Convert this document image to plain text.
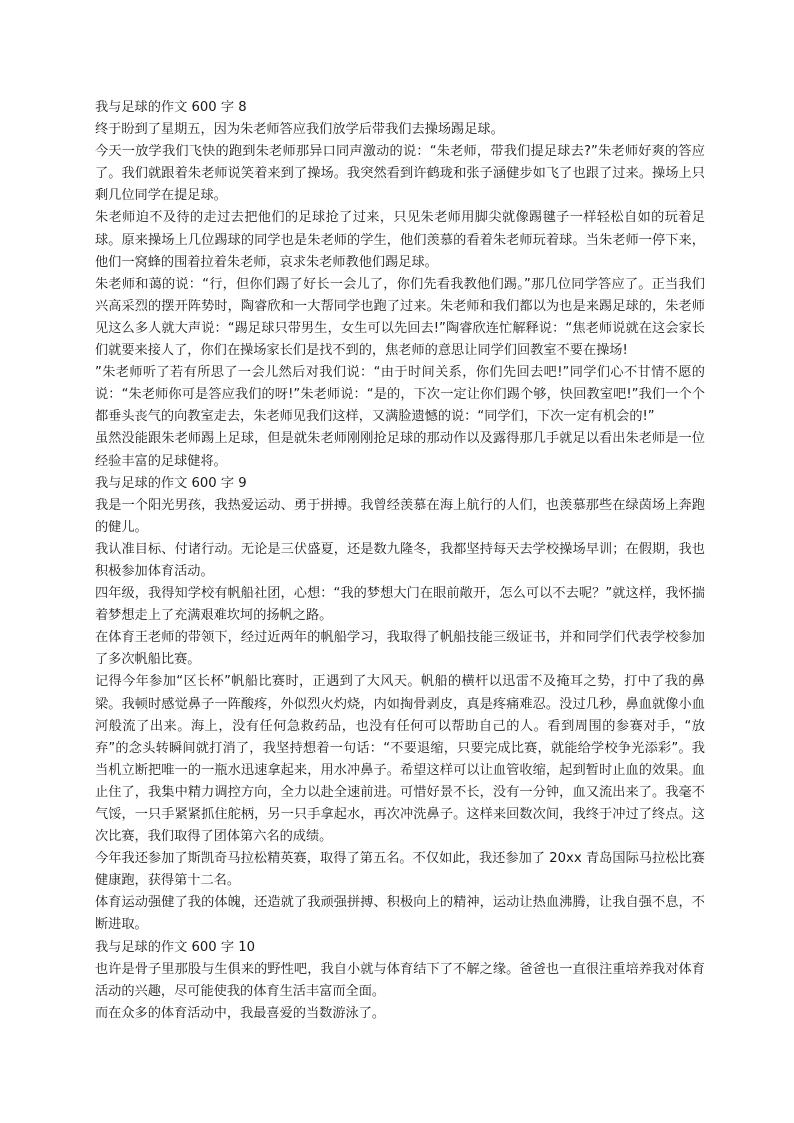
我与足球的作文 600 字 8

终于盼到了星期五，因为朱老师答应我们放学后带我们去操场踢足球。

今天一放学我们飞快的跑到朱老师那异口同声激动的说：“朱老师，带我们提足球去?”朱老师好爽的答应了。我们就跟着朱老师说笑着来到了操场。我突然看到许鹤珑和张子涵健步如飞了也跟了过来。操场上只剩几位同学在提足球。

朱老师迫不及待的走过去把他们的足球抢了过来，只见朱老师用脚尖就像踢毽子一样轻松自如的玩着足球。原来操场上几位踢球的同学也是朱老师的学生，他们羡慕的看着朱老师玩着球。当朱老师一停下来，他们一窝蜂的围着拉着朱老师，哀求朱老师教他们踢足球。

朱老师和蔼的说：“行，但你们踢了好长一会儿了，你们先看我教他们踢。”那几位同学答应了。正当我们兴高采烈的摆开阵势时，陶睿欣和一大帮同学也跑了过来。朱老师和我们都以为也是来踢足球的，朱老师见这么多人就大声说：“踢足球只带男生，女生可以先回去!”陶睿欣连忙解释说：“焦老师说就在这会家长们就要来接人了，你们在操场家长们是找不到的，焦老师的意思让同学们回教室不要在操场!

”朱老师听了若有所思了一会儿然后对我们说：“由于时间关系，你们先回去吧!”同学们心不甘情不愿的说：“朱老师你可是答应我们的呀!”朱老师说：“是的，下次一定让你们踢个够，快回教室吧!”我们一个个都垂头丧气的向教室走去，朱老师见我们这样，又满脸遗憾的说：“同学们，下次一定有机会的!”

虽然没能跟朱老师踢上足球，但是就朱老师刚刚抢足球的那动作以及露得那几手就足以看出朱老师是一位经验丰富的足球健将。

我与足球的作文 600 字 9

我是一个阳光男孩，我热爱运动、勇于拼搏。我曾经羡慕在海上航行的人们，也羡慕那些在绿茵场上奔跑的健儿。

我认准目标、付诸行动。无论是三伏盛夏，还是数九隆冬，我都坚持每天去学校操场早训；在假期，我也积极参加体育活动。

四年级，我得知学校有帆船社团，心想：“我的梦想大门在眼前敞开，怎么可以不去呢？”就这样，我怀揣着梦想走上了充满艰难坎坷的扬帆之路。

在体育王老师的带领下，经过近两年的帆船学习，我取得了帆船技能三级证书，并和同学们代表学校参加了多次帆船比赛。

记得今年参加“区长杯”帆船比赛时，正遇到了大风天。帆船的横杆以迅雷不及掩耳之势，打中了我的鼻梁。我顿时感觉鼻子一阵酸疼，外似烈火灼烧，内如掏骨剥皮，真是疼痛难忍。没过几秒，鼻血就像小血河般流了出来。海上，没有任何急救药品，也没有任何可以帮助自己的人。看到周围的参赛对手，“放弃”的念头转瞬间就打消了，我坚持想着一句话：“不要退缩，只要完成比赛，就能给学校争光添彩”。我当机立断把唯一的一瓶水迅速拿起来，用水冲鼻子。希望这样可以让血管收缩，起到暂时止血的效果。血止住了，我集中精力调控方向，全力以赴全速前进。可惜好景不长，没有一分钟，血又流出来了。我毫不气馁，一只手紧紧抓住舵柄，另一只手拿起水，再次冲洗鼻子。这样来回数次间，我终于冲过了终点。这次比赛，我们取得了团体第六名的成绩。

今年我还参加了斯凯奇马拉松精英赛，取得了第五名。不仅如此，我还参加了 20xx 青岛国际马拉松比赛健康跑，获得第十二名。

体育运动强健了我的体魄，还造就了我顽强拼搏、积极向上的精神，运动让热血沸腾，让我自强不息，不断进取。

我与足球的作文 600 字 10

也许是骨子里那股与生俱来的野性吧，我自小就与体育结下了不解之缘。爸爸也一直很注重培养我对体育活动的兴趣，尽可能使我的体育生活丰富而全面。

而在众多的体育活动中，我最喜爱的当数游泳了。
